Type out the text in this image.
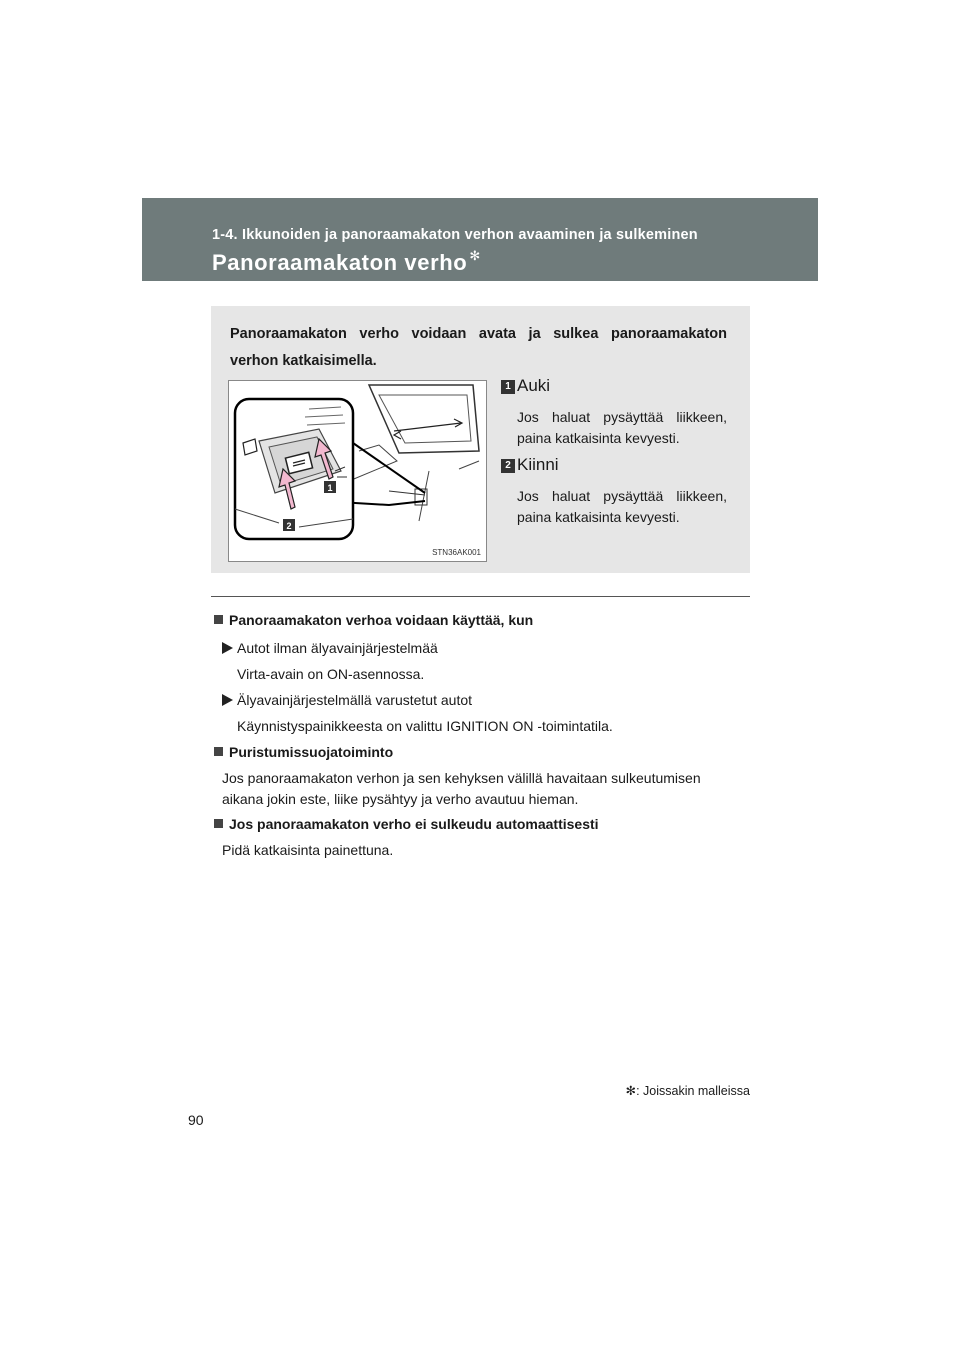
1-4. Ikkunoiden ja panoraamakaton verhon avaaminen ja sulkeminen
Panoraamakaton verho ✻
Panoraamakaton verho voidaan avata ja sulkea panoraamakaton verhon katkaisimella.
1
2
STN36AK001
1 Auki
Jos haluat pysäyttää liikkeen, paina katkaisinta kevyesti.
2 Kiinni
Jos haluat pysäyttää liikkeen, paina katkaisinta kevyesti.
Panoraamakaton verhoa voidaan käyttää, kun
Autot ilman älyavainjärjestelmää
Virta-avain on ON-asennossa.
Älyavainjärjestelmällä varustetut autot
Käynnistyspainikkeesta on valittu IGNITION ON -toimintatila.
Puristumissuojatoiminto
Jos panoraamakaton verhon ja sen kehyksen välillä havaitaan sulkeutumisen
aikana jokin este, liike pysähtyy ja verho avautuu hieman.
Jos panoraamakaton verho ei sulkeudu automaattisesti
Pidä katkaisinta painettuna.
✻: Joissakin malleissa
90
